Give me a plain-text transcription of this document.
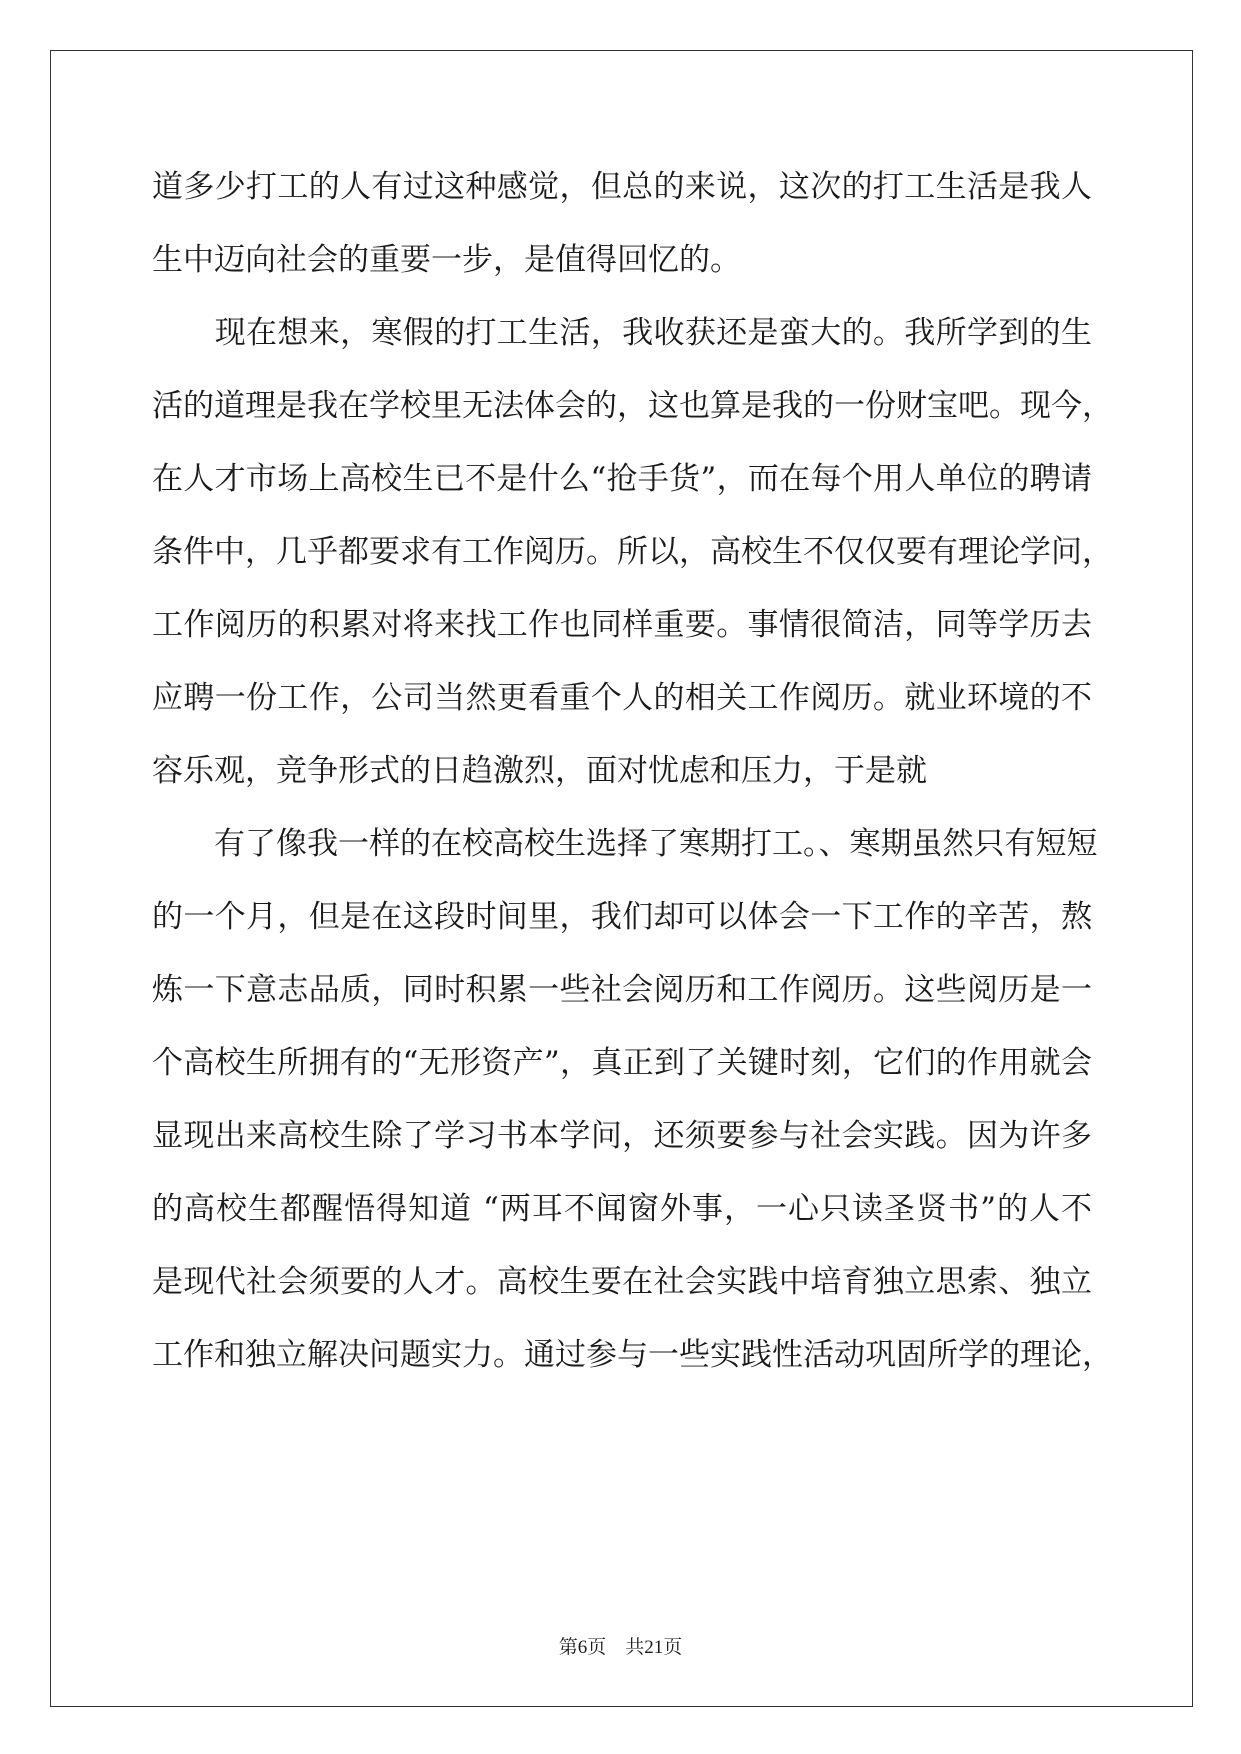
道多少打工的人有过这种感觉，但总的来说，这次的打工生活是我人
生中迈向社会的重要一步，是值得回忆的。
　　现在想来，寒假的打工生活，我收获还是蛮大的。我所学到的生
活的道理是我在学校里无法体会的，这也算是我的一份财宝吧。现今，
在人才市场上高校生已不是什么“抢手货”，而在每个用人单位的聘请
条件中，几乎都要求有工作阅历。所以，高校生不仅仅要有理论学问，
工作阅历的积累对将来找工作也同样重要。事情很简洁，同等学历去
应聘一份工作，公司当然更看重个人的相关工作阅历。就业环境的不
容乐观，竞争形式的日趋激烈，面对忧虑和压力，于是就
　　有了像我一样的在校高校生选择了寒期打工。、寒期虽然只有短短
的一个月，但是在这段时间里，我们却可以体会一下工作的辛苦，熬
炼一下意志品质，同时积累一些社会阅历和工作阅历。这些阅历是一
个高校生所拥有的“无形资产”，真正到了关键时刻，它们的作用就会
显现出来高校生除了学习书本学问，还须要参与社会实践。因为许多
的高校生都醒悟得知道 “两耳不闻窗外事，一心只读圣贤书”的人不
是现代社会须要的人才。高校生要在社会实践中培育独立思索、独立
工作和独立解决问题实力。通过参与一些实践性活动巩固所学的理论，
第6页　共21页
